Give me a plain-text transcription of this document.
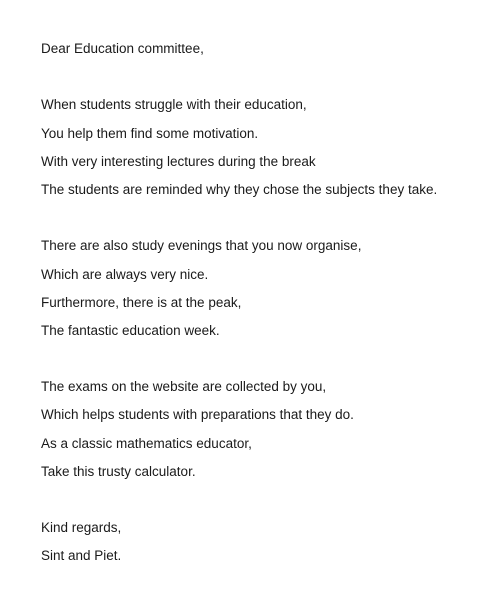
Dear Education committee,
When students struggle with their education,
You help them find some motivation.
With very interesting lectures during the break
The students are reminded why they chose the subjects they take.
There are also study evenings that you now organise,
Which are always very nice.
Furthermore, there is at the peak,
The fantastic education week.
The exams on the website are collected by you,
Which helps students with preparations that they do.
As a classic mathematics educator,
Take this trusty calculator.
Kind regards,
Sint and Piet.
